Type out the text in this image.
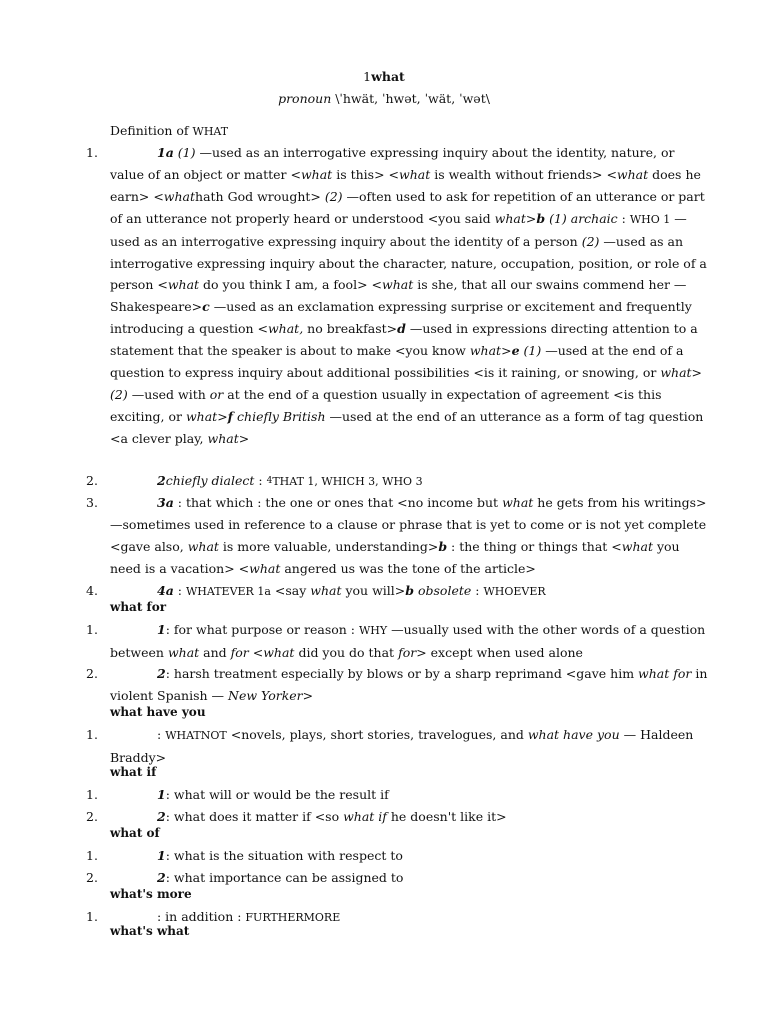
1what
pronoun \ˈhwät, ˈhwət, ˈwät, ˈwət\
Definition of WHAT
1.	1a (1) —used as an interrogative expressing inquiry about the identity, nature, or value of an object or matter <what is this> <what is wealth without friends> <what does he earn> <whathath God wrought> (2) —often used to ask for repetition of an utterance or part of an utterance not properly heard or understood <you said what>b (1) archaic : WHO 1 —used as an interrogative expressing inquiry about the identity of a person (2) —used as an interrogative expressing inquiry about the character, nature, occupation, position, or role of a person <what do you think I am, a fool> <what is she, that all our swains commend her — Shakespeare>c —used as an exclamation expressing surprise or excitement and frequently introducing a question <what, no breakfast>d —used in expressions directing attention to a statement that the speaker is about to make <you know what>e (1) —used at the end of a question to express inquiry about additional possibilities <is it raining, or snowing, or what> (2) —used with or at the end of a question usually in expectation of agreement <is this exciting, or what>f chiefly British —used at the end of an utterance as a form of tag question <a clever play, what>
2.	2chiefly dialect : 4THAT 1, WHICH 3, WHO 3
3.	3a : that which : the one or ones that <no income but what he gets from his writings> —sometimes used in reference to a clause or phrase that is yet to come or is not yet complete <gave also, what is more valuable, understanding>b : the thing or things that <what you need is a vacation> <what angered us was the tone of the article>
4.	4a : WHATEVER 1a <say what you will>b obsolete : WHOEVER
what for
1.	1: for what purpose or reason : WHY —usually used with the other words of a question between what and for <what did you do that for> except when used alone
2.	2: harsh treatment especially by blows or by a sharp reprimand <gave him what for in violent Spanish — New Yorker>
what have you
1.	: WHATNOT <novels, plays, short stories, travelogues, and what have you — Haldeen Braddy>
what if
1.	1: what will or would be the result if
2.	2: what does it matter if <so what if he doesn't like it>
what of
1.	1: what is the situation with respect to
2.	2: what importance can be assigned to
what's more
1.	: in addition : FURTHERMORE
what's what
